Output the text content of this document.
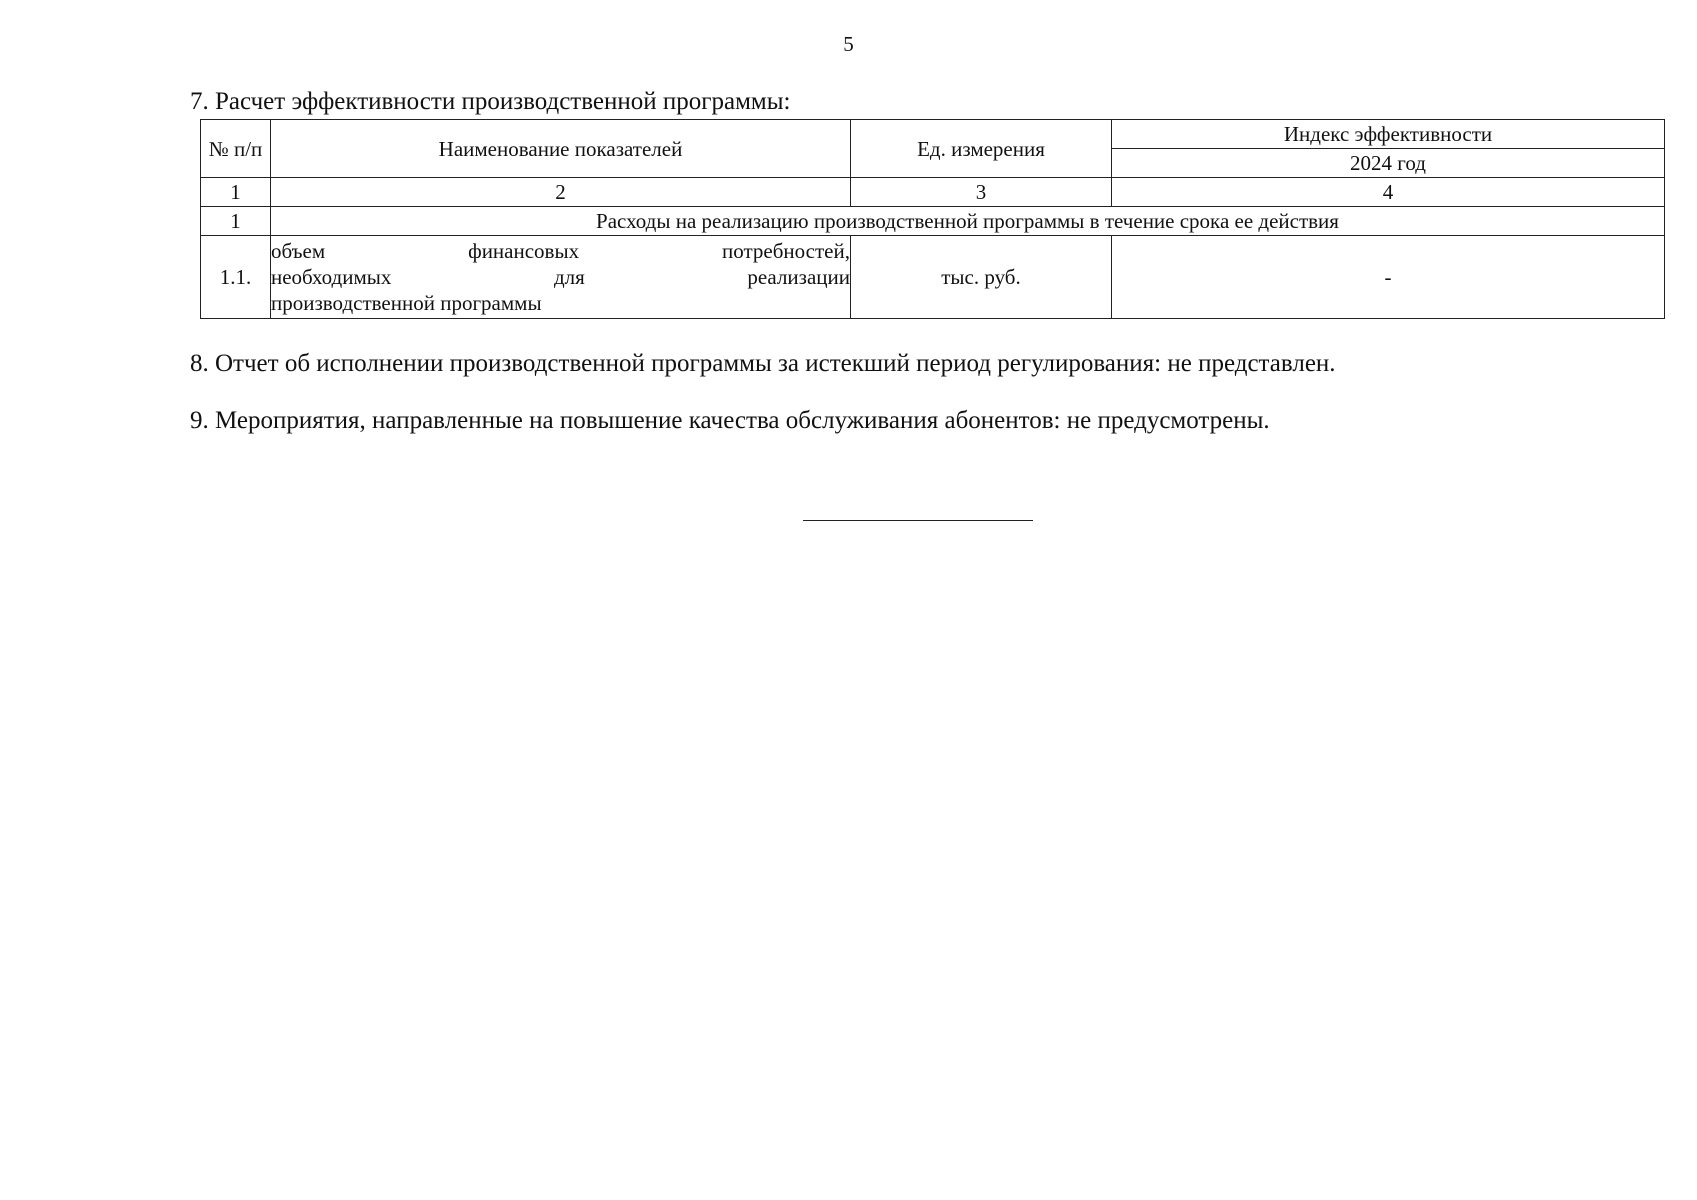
5
7. Расчет эффективности производственной программы:
№ п/п	Наименование показателей	Ед. измерения	Индекс эффективности
			2024 год
1	2	3	4
1	Расходы на реализацию производственной программы в течение срока ее действия		
1.1.	объем финансовых потребностей,
необходимых для реализации
производственной программы	тыс. руб.	-
8. Отчет об исполнении производственной программы за истекший период регулирования: не представлен.
9. Мероприятия, направленные на повышение качества обслуживания абонентов: не предусмотрены.
